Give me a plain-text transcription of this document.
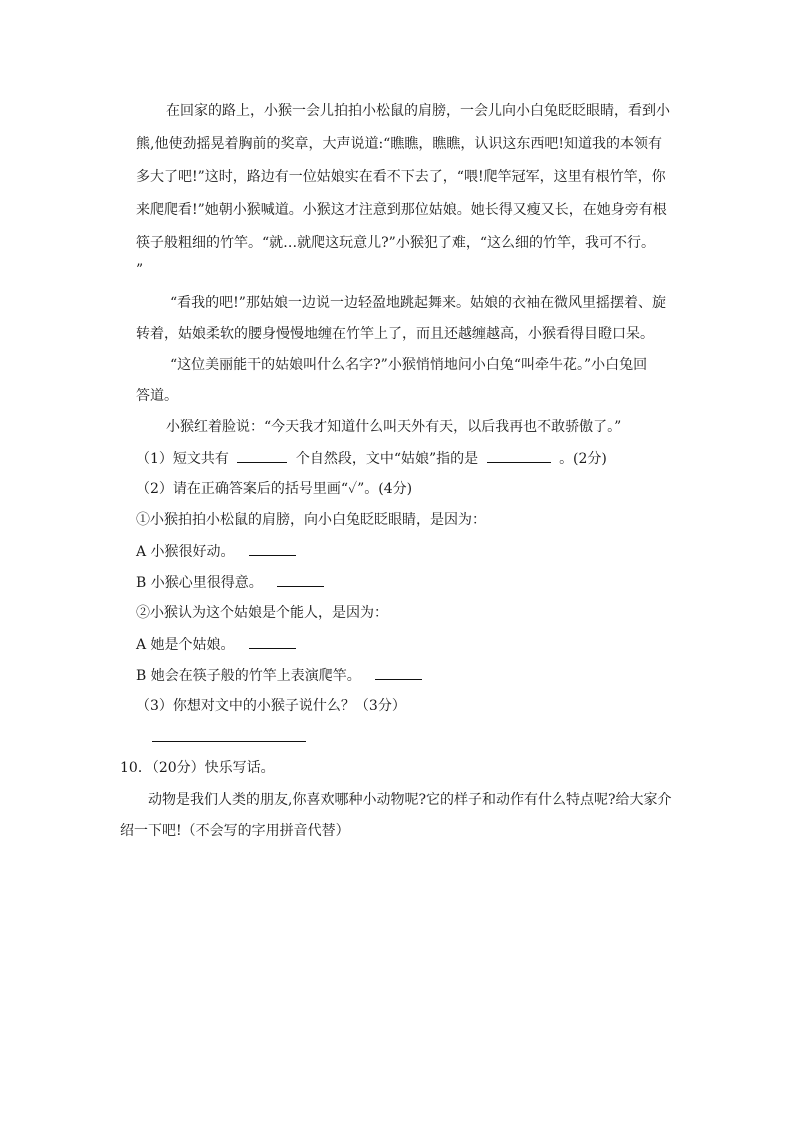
在回家的路上，小猴一会儿拍拍小松鼠的肩膀，一会儿向小白兔眨眨眼睛，看到小
熊,他使劲摇晃着胸前的奖章，大声说道:“瞧瞧，瞧瞧，认识这东西吧!知道我的本领有
多大了吧!”这时，路边有一位姑娘实在看不下去了，“喂!爬竿冠军，这里有根竹竿，你
来爬爬看!”她朝小猴喊道。小猴这才注意到那位姑娘。她长得又瘦又长，在她身旁有根
筷子般粗细的竹竿。“就…就爬这玩意儿?”小猴犯了难，“这么细的竹竿，我可不行。
”
“看我的吧!”那姑娘一边说一边轻盈地跳起舞来。姑娘的衣袖在微风里摇摆着、旋
转着，姑娘柔软的腰身慢慢地缠在竹竿上了，而且还越缠越高，小猴看得目瞪口呆。
“这位美丽能干的姑娘叫什么名字?”小猴悄悄地问小白兔“叫牵牛花。”小白兔回
答道。
小猴红着脸说：“今天我才知道什么叫天外有天，以后我再也不敢骄傲了。”
（1）短文共有	个自然段，文中“姑娘”指的是	。(2分)
（2）请在正确答案后的括号里画“✓”。(4分)
①小猴拍拍小松鼠的肩膀，向小白兔眨眨眼睛，是因为：
A 小猴很好动。
B 小猴心里很得意。
②小猴认为这个姑娘是个能人，是因为：
A 她是个姑娘。
B 她会在筷子般的竹竿上表演爬竿。
（3）你想对文中的小猴子说什么？（3分）
10．（20分）快乐写话。
动物是我们人类的朋友,你喜欢哪种小动物呢?它的样子和动作有什么特点呢?给大家介
绍一下吧!（不会写的字用拼音代替）
